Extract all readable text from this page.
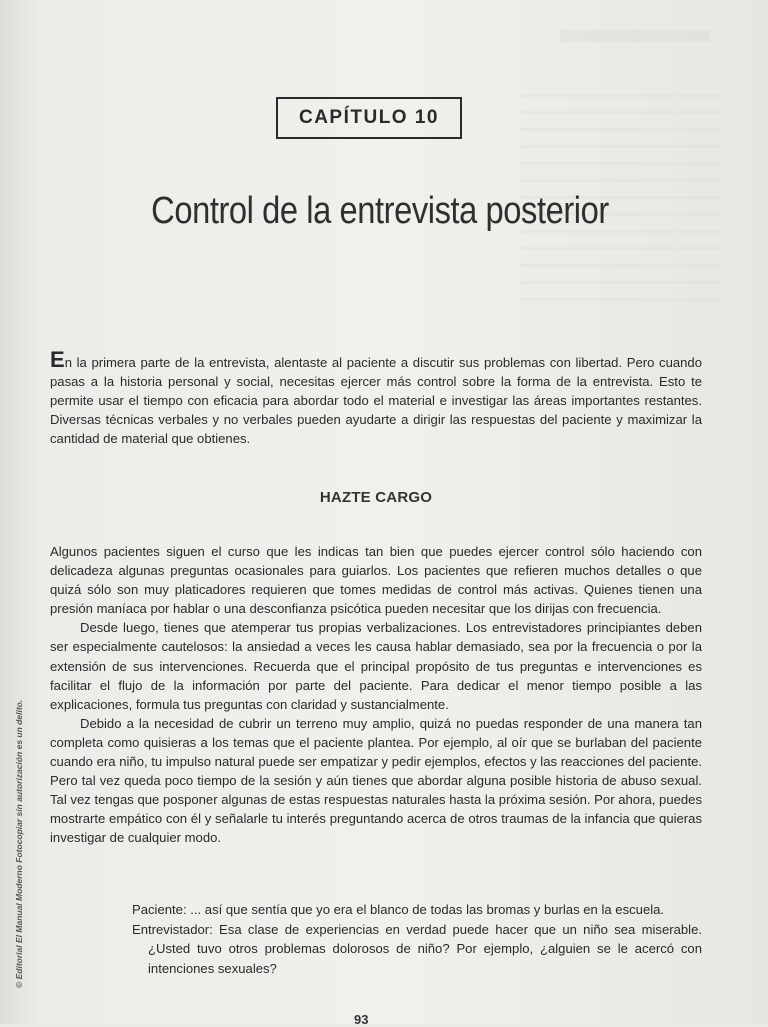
CAPÍTULO 10
Control de la entrevista posterior

En la primera parte de la entrevista, alentaste al paciente a discutir sus problemas con libertad. Pero cuando pasas a la historia personal y social, necesitas ejercer más control sobre la forma de la entrevista. Esto te permite usar el tiempo con eficacia para abordar todo el material e investigar las áreas importantes restantes. Diversas técnicas verbales y no verbales pueden ayudarte a dirigir las respuestas del paciente y maximizar la cantidad de material que obtienes.

HAZTE CARGO

Algunos pacientes siguen el curso que les indicas tan bien que puedes ejercer control sólo haciendo con delicadeza algunas preguntas ocasionales para guiarlos. Los pacientes que refieren muchos detalles o que quizá sólo son muy platicadores requieren que tomes medidas de control más activas. Quienes tienen una presión maníaca por hablar o una desconfianza psicótica pueden necesitar que los dirijas con frecuencia.

Desde luego, tienes que atemperar tus propias verbalizaciones. Los entrevistadores principiantes deben ser especialmente cautelosos: la ansiedad a veces les causa hablar demasiado, sea por la frecuencia o por la extensión de sus intervenciones. Recuerda que el principal propósito de tus preguntas e intervenciones es facilitar el flujo de la información por parte del paciente. Para dedicar el menor tiempo posible a las explicaciones, formula tus preguntas con claridad y sustancialmente.

Debido a la necesidad de cubrir un terreno muy amplio, quizá no puedas responder de una manera tan completa como quisieras a los temas que el paciente plantea. Por ejemplo, al oír que se burlaban del paciente cuando era niño, tu impulso natural puede ser empatizar y pedir ejemplos, efectos y las reacciones del paciente. Pero tal vez queda poco tiempo de la sesión y aún tienes que abordar alguna posible historia de abuso sexual. Tal vez tengas que posponer algunas de estas respuestas naturales hasta la próxima sesión. Por ahora, puedes mostrarte empático con él y señalarle tu interés preguntando acerca de otros traumas de la infancia que quieras investigar de cualquier modo.

Paciente: ... así que sentía que yo era el blanco de todas las bromas y burlas en la escuela.

Entrevistador: Esa clase de experiencias en verdad puede hacer que un niño sea miserable. ¿Usted tuvo otros problemas dolorosos de niño? Por ejemplo, ¿alguien se le acercó con intenciones sexuales?

© Editorial El Manual Moderno Fotocopiar sin autorización es un delito.
93
